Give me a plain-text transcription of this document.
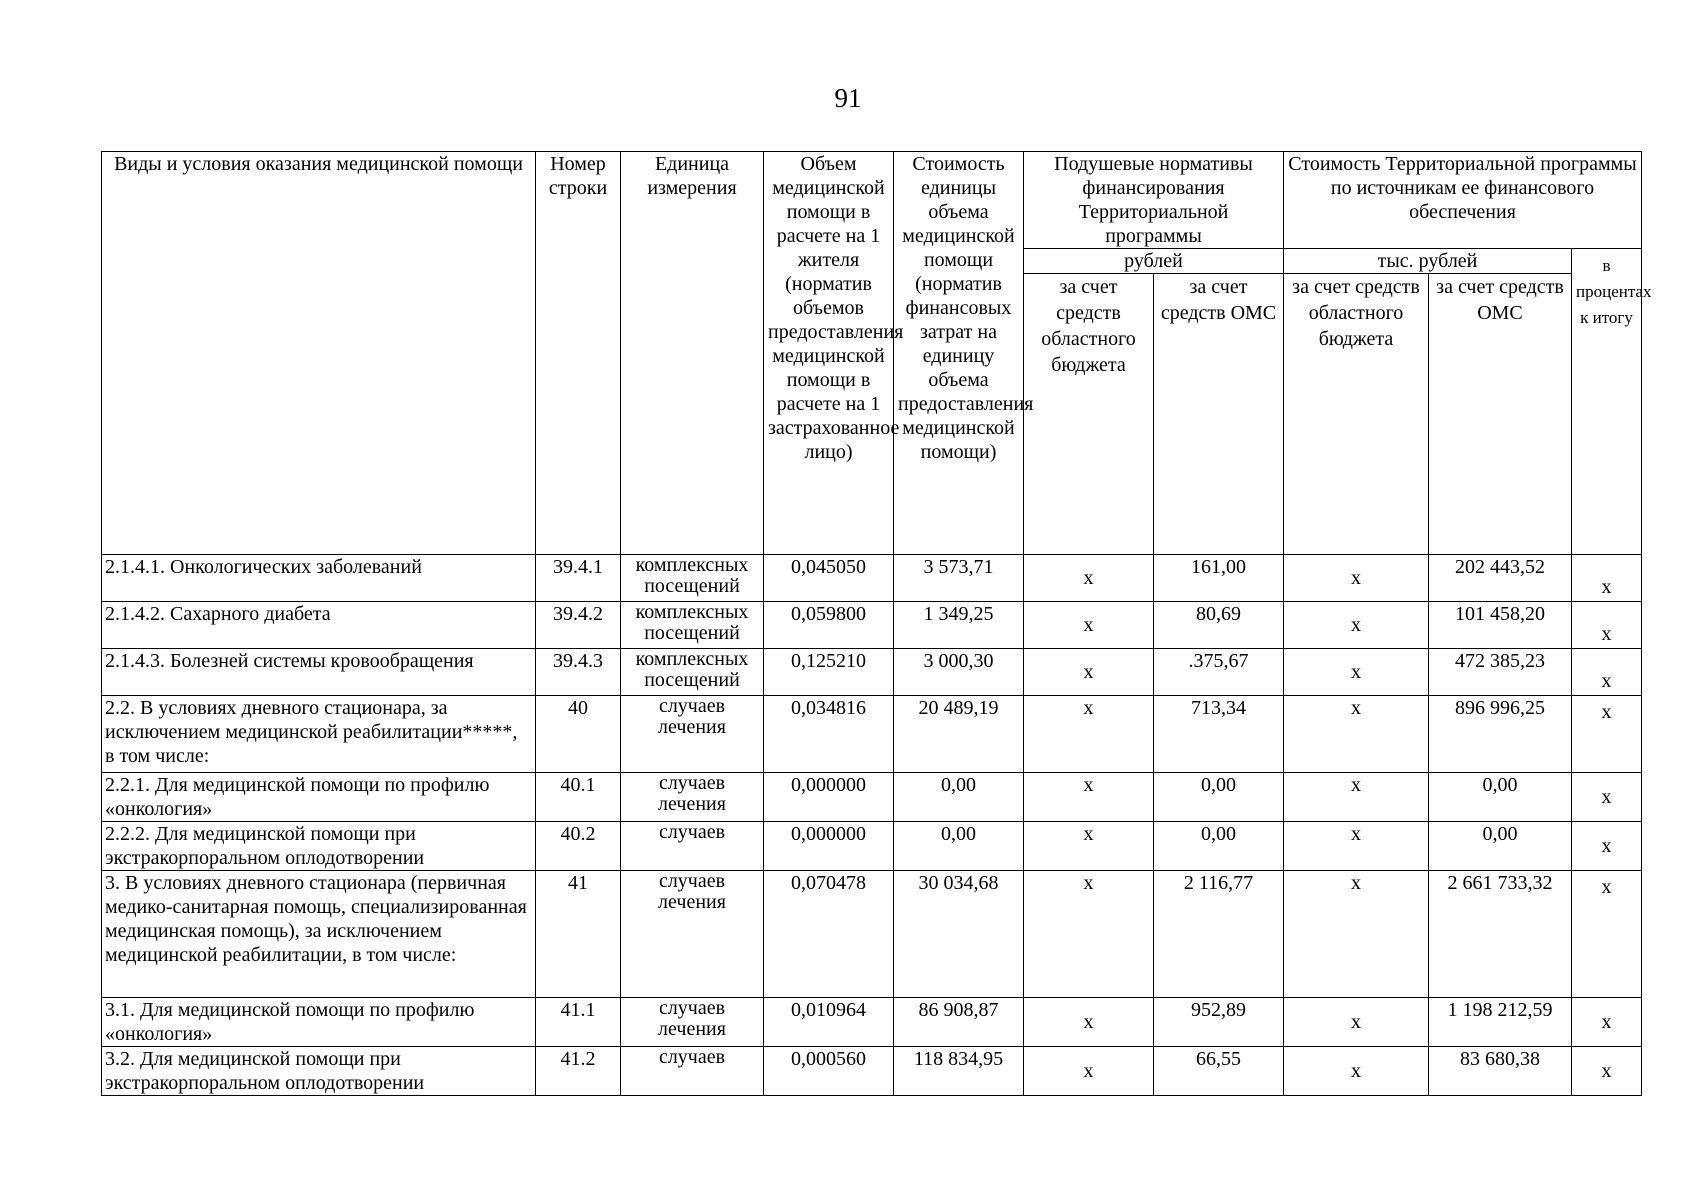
91
Виды и условия оказания медицинской помощи	Номер строки	Единица измерения	Объем медицинской помощи в расчете на 1 жителя (норматив объемов предоставления медицинской помощи в расчете на 1 застрахованное лицо)	Стоимость единицы объема медицинской помощи (норматив финансовых затрат на единицу объема предоставления медицинской помощи)	Подушевые нормативы финансирования Территориальной программы		Стоимость Территориальной программы по источникам ее финансового обеспечения		
					рублей		тыс. рублей		в процентах к итогу
					за счет средств областного бюджета	за счет средств ОМС	за счет средств областного бюджета	за счет средств ОМС	
2.1.4.1. Онкологических заболеваний	39.4.1	комплексных посещений	0,045050	3 573,71	x	161,00	x	202 443,52	x
2.1.4.2. Сахарного диабета	39.4.2	комплексных посещений	0,059800	1 349,25	x	80,69	x	101 458,20	x
2.1.4.3. Болезней системы кровообращения	39.4.3	комплексных посещений	0,125210	3 000,30	x	.375,67	x	472 385,23	x
2.2. В условиях дневного стационара, за исключением медицинской реабилитации*****, в том числе:	40	случаев лечения	0,034816	20 489,19	x	713,34	x	896 996,25	x
2.2.1. Для медицинской помощи по профилю «онкология»	40.1	случаев лечения	0,000000	0,00	x	0,00	x	0,00	x
2.2.2. Для медицинской помощи при экстракорпоральном оплодотворении	40.2	случаев	0,000000	0,00	x	0,00	x	0,00	x
3. В условиях дневного стационара (первичная медико-санитарная помощь, специализированная медицинская помощь), за исключением медицинской реабилитации, в том числе:	41	случаев лечения	0,070478	30 034,68	x	2 116,77	x	2 661 733,32	x
3.1. Для медицинской помощи по профилю «онкология»	41.1	случаев лечения	0,010964	86 908,87	x	952,89	x	1 198 212,59	x
3.2. Для медицинской помощи при экстракорпоральном оплодотворении	41.2	случаев	0,000560	118 834,95	x	66,55	x	83 680,38	x
